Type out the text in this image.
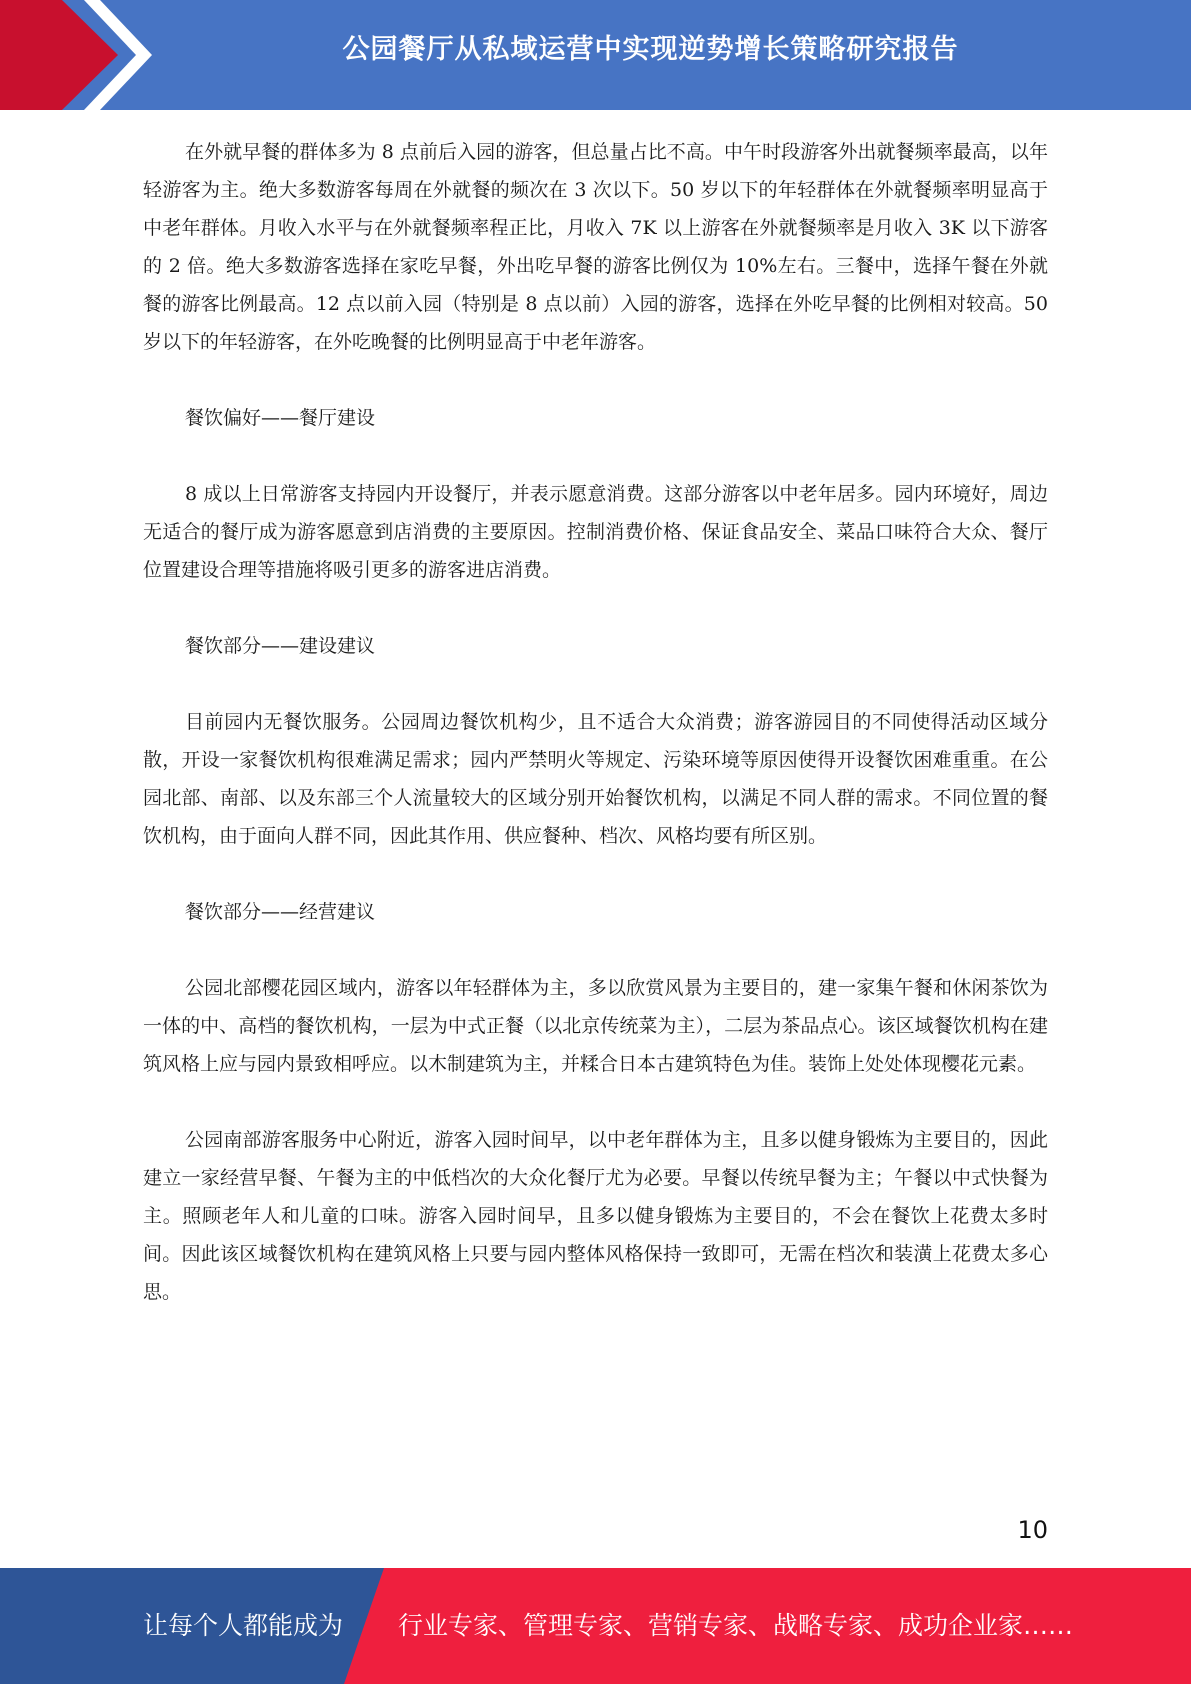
公园餐厅从私域运营中实现逆势增长策略研究报告

在外就早餐的群体多为 8 点前后入园的游客，但总量占比不高。中午时段游客外出就餐频率最高，以年轻游客为主。绝大多数游客每周在外就餐的频次在 3 次以下。50 岁以下的年轻群体在外就餐频率明显高于中老年群体。月收入水平与在外就餐频率程正比，月收入 7K 以上游客在外就餐频率是月收入 3K 以下游客的 2 倍。绝大多数游客选择在家吃早餐，外出吃早餐的游客比例仅为 10%左右。三餐中，选择午餐在外就餐的游客比例最高。12 点以前入园（特别是 8 点以前）入园的游客，选择在外吃早餐的比例相对较高。50 岁以下的年轻游客，在外吃晚餐的比例明显高于中老年游客。

餐饮偏好——餐厅建设

8 成以上日常游客支持园内开设餐厅，并表示愿意消费。这部分游客以中老年居多。园内环境好，周边无适合的餐厅成为游客愿意到店消费的主要原因。控制消费价格、保证食品安全、菜品口味符合大众、餐厅位置建设合理等措施将吸引更多的游客进店消费。

餐饮部分——建设建议

目前园内无餐饮服务。公园周边餐饮机构少，且不适合大众消费；游客游园目的不同使得活动区域分散，开设一家餐饮机构很难满足需求；园内严禁明火等规定、污染环境等原因使得开设餐饮困难重重。在公园北部、南部、以及东部三个人流量较大的区域分别开始餐饮机构，以满足不同人群的需求。不同位置的餐饮机构，由于面向人群不同，因此其作用、供应餐种、档次、风格均要有所区别。

餐饮部分——经营建议

公园北部樱花园区域内，游客以年轻群体为主，多以欣赏风景为主要目的，建一家集午餐和休闲茶饮为一体的中、高档的餐饮机构，一层为中式正餐（以北京传统菜为主），二层为茶品点心。该区域餐饮机构在建筑风格上应与园内景致相呼应。以木制建筑为主，并糅合日本古建筑特色为佳。装饰上处处体现樱花元素。

公园南部游客服务中心附近，游客入园时间早，以中老年群体为主，且多以健身锻炼为主要目的，因此建立一家经营早餐、午餐为主的中低档次的大众化餐厅尤为必要。早餐以传统早餐为主；午餐以中式快餐为主。照顾老年人和儿童的口味。游客入园时间早，且多以健身锻炼为主要目的，不会在餐饮上花费太多时间。因此该区域餐饮机构在建筑风格上只要与园内整体风格保持一致即可，无需在档次和装潢上花费太多心思。

10
让每个人都能成为 行业专家、管理专家、营销专家、战略专家、成功企业家……
